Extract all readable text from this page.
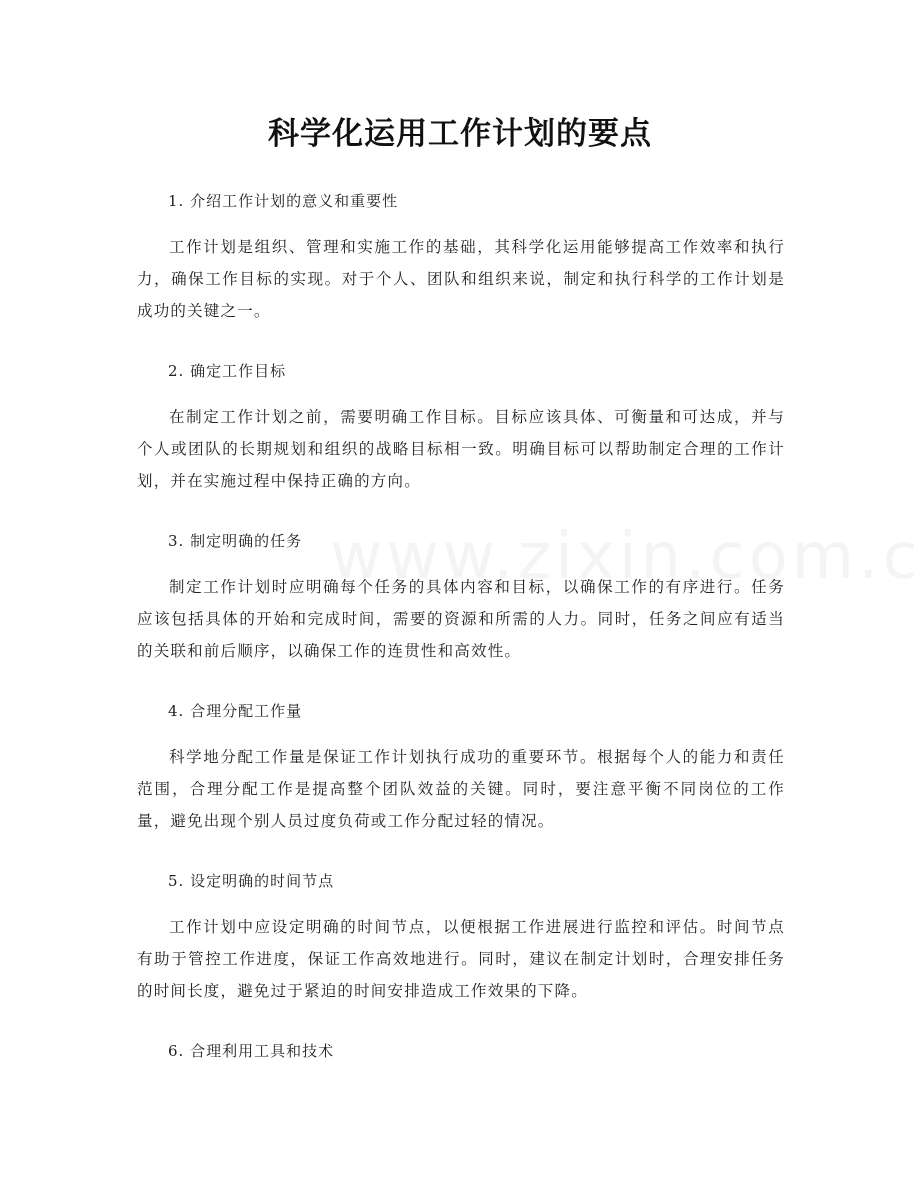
科学化运用工作计划的要点
1. 介绍工作计划的意义和重要性
工作计划是组织、管理和实施工作的基础，其科学化运用能够提高工作效率和执行力，确保工作目标的实现。对于个人、团队和组织来说，制定和执行科学的工作计划是成功的关键之一。
2. 确定工作目标
在制定工作计划之前，需要明确工作目标。目标应该具体、可衡量和可达成，并与个人或团队的长期规划和组织的战略目标相一致。明确目标可以帮助制定合理的工作计划，并在实施过程中保持正确的方向。
3. 制定明确的任务
制定工作计划时应明确每个任务的具体内容和目标，以确保工作的有序进行。任务应该包括具体的开始和完成时间，需要的资源和所需的人力。同时，任务之间应有适当的关联和前后顺序，以确保工作的连贯性和高效性。
4. 合理分配工作量
科学地分配工作量是保证工作计划执行成功的重要环节。根据每个人的能力和责任范围，合理分配工作是提高整个团队效益的关键。同时，要注意平衡不同岗位的工作量，避免出现个别人员过度负荷或工作分配过轻的情况。
5. 设定明确的时间节点
工作计划中应设定明确的时间节点，以便根据工作进展进行监控和评估。时间节点有助于管控工作进度，保证工作高效地进行。同时，建议在制定计划时，合理安排任务的时间长度，避免过于紧迫的时间安排造成工作效果的下降。
6. 合理利用工具和技术
